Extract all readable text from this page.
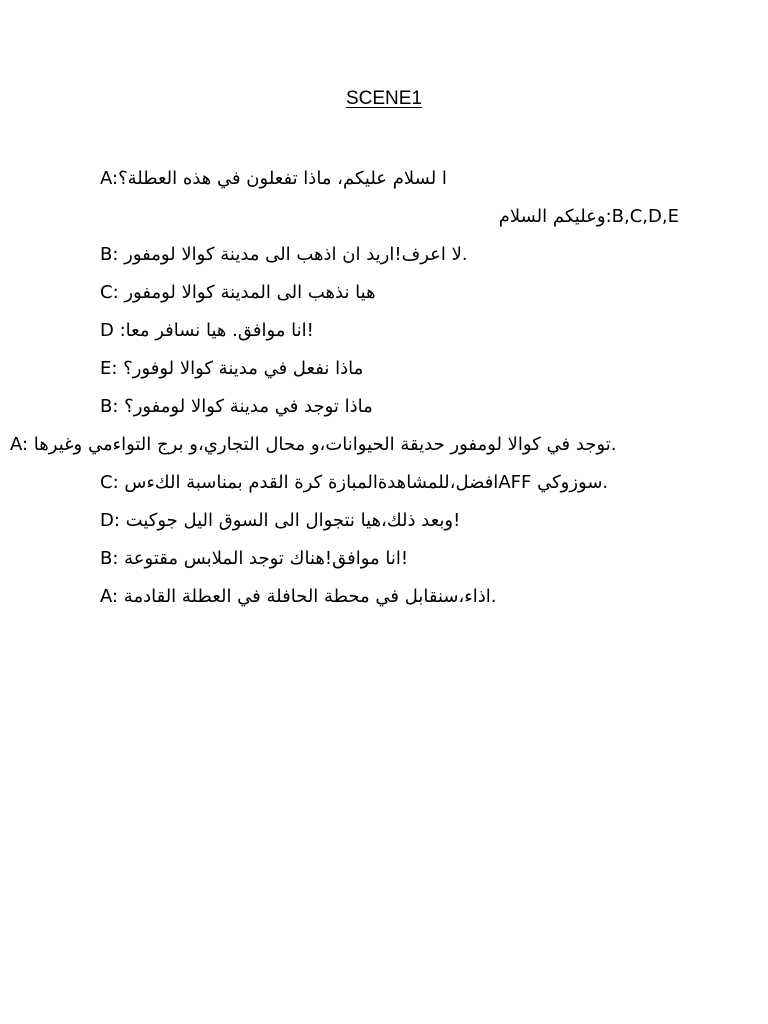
SCENE1
A:ا لسلام عليكم، ماذا تفعلون في هذه العطلة؟
B,C,D,E:وعليكم السلام
B: لا اعرف!اريد ان اذهب الى مدينة كوالا لومفور.
C: هيا نذهب الى المدينة كوالا لومفور
D :انا موافق. هيا نسافر معا!
E: ماذا نفعل في مدينة كوالا لوفور؟
B: ماذا توجد في مدينة كوالا لومفور؟
A: توجد في كوالا لومفور حديقة الحيوانات،و محال التجاري،و برج التواءمي وغيرها.
C: افضل،للمشاهدةالمبازة كرة القدم بمناسبة الكءسAFF سوزوكي.
D: وبعد ذلك،هيا نتجوال الى السوق اليل جوكيت!
B: انا موافق!هناك توجد الملابس مقتوعة!
A: اذاء،سنقابل في محطة الحافلة في العطلة القادمة.
